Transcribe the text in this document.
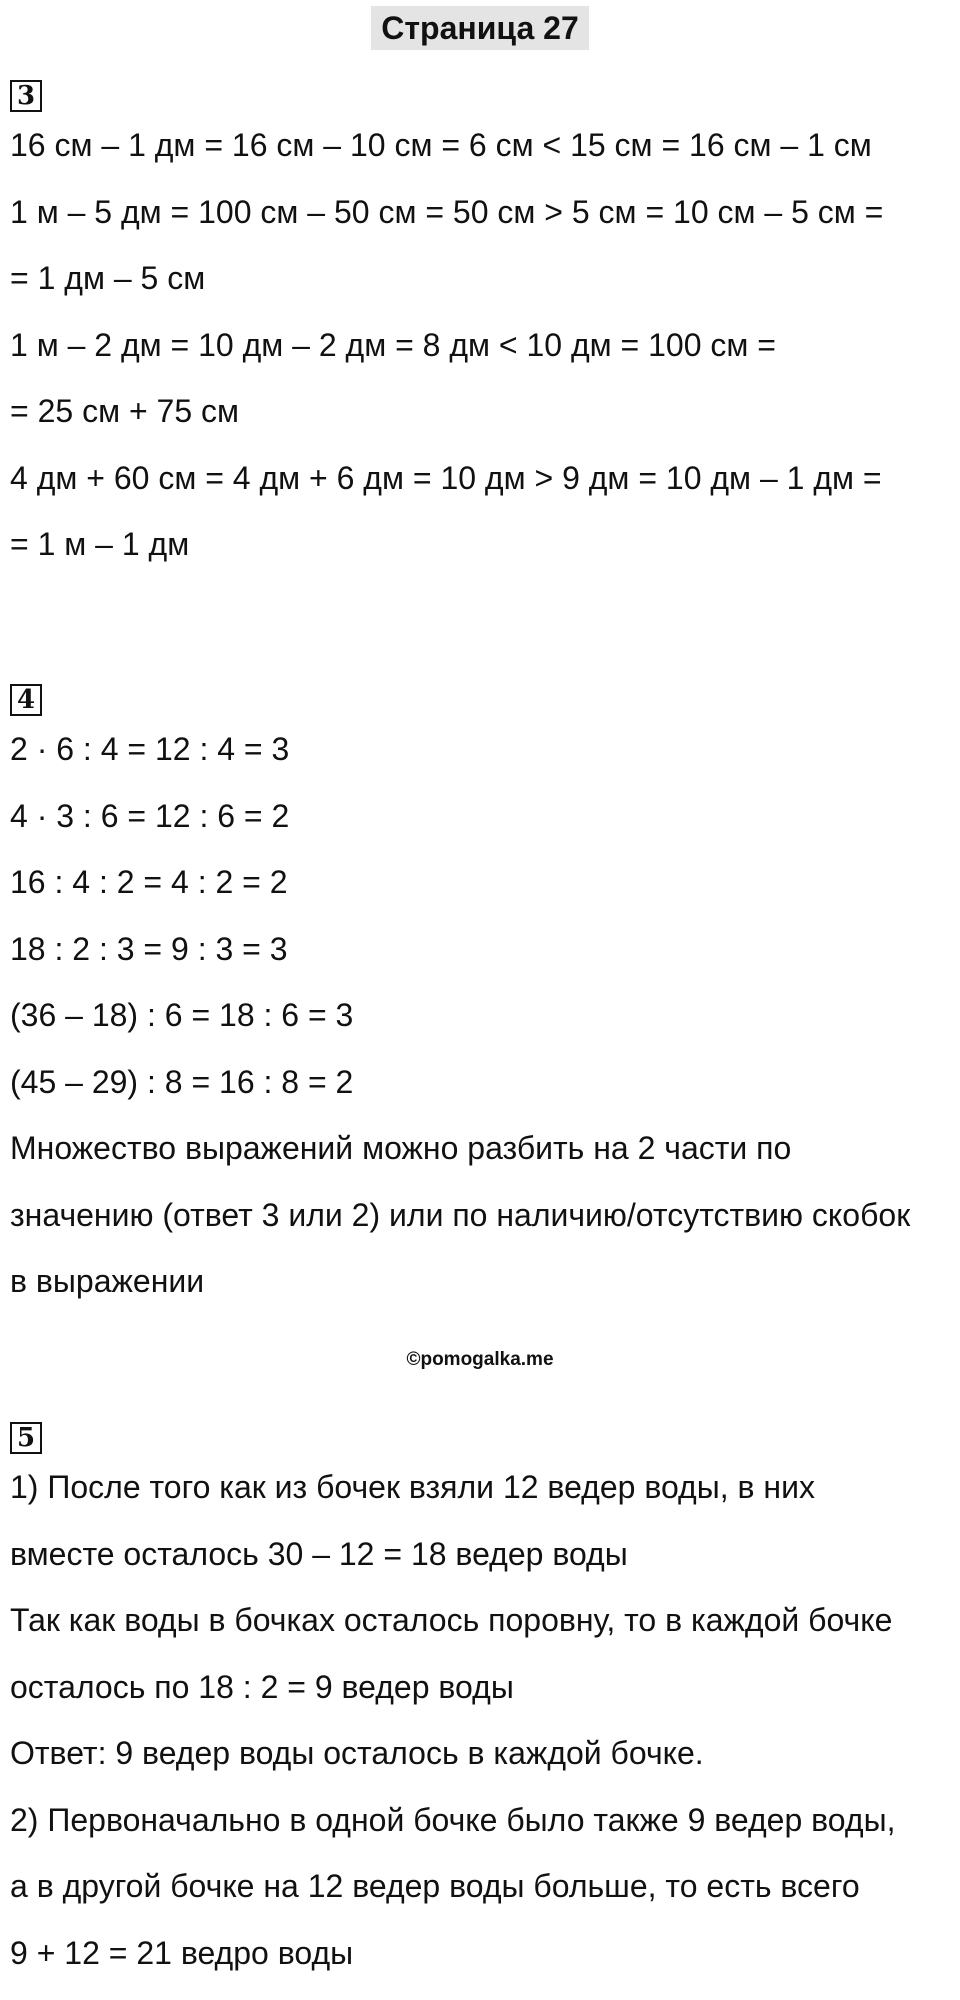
Страница 27
3
16 см – 1 дм = 16 см – 10 см = 6 см < 15 см = 16 см – 1 см
1 м – 5 дм = 100 см – 50 см = 50 см > 5 см = 10 см – 5 см =
= 1 дм – 5 см
1 м – 2 дм = 10 дм – 2 дм = 8 дм < 10 дм = 100 см =
= 25 см + 75 см
4 дм + 60 см = 4 дм + 6 дм = 10 дм > 9 дм = 10 дм – 1 дм =
= 1 м – 1 дм
4
2 · 6 : 4 = 12 : 4 = 3
4 · 3 : 6 = 12 : 6 = 2
16 : 4 : 2 = 4 : 2 = 2
18 : 2 : 3 = 9 : 3 = 3
(36 – 18) : 6 = 18 : 6 = 3
(45 – 29) : 8 = 16 : 8 = 2
Множество выражений можно разбить на 2 части по
значению (ответ 3 или 2) или по наличию/отсутствию скобок
в выражении
©pomogalka.me
5
1) После того как из бочек взяли 12 ведер воды, в них
вместе осталось 30 – 12 = 18 ведер воды
Так как воды в бочках осталось поровну, то в каждой бочке
осталось по 18 : 2 = 9 ведер воды
Ответ: 9 ведер воды осталось в каждой бочке.
2) Первоначально в одной бочке было также 9 ведер воды,
а в другой бочке на 12 ведер воды больше, то есть всего
9 + 12 = 21 ведро воды
